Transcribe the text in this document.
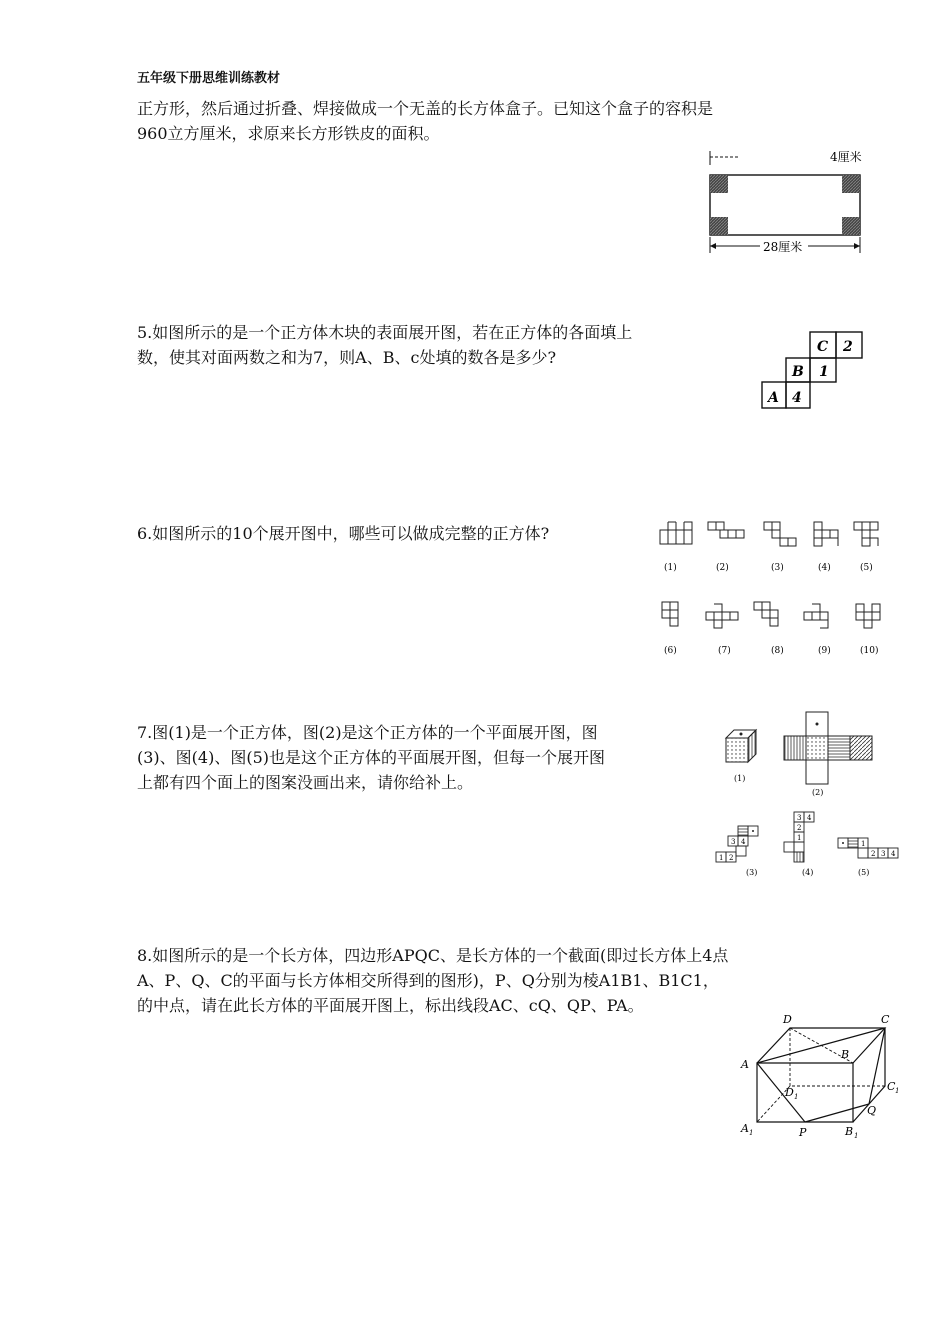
五年级下册思维训练教材
正方形，然后通过折叠、焊接做成一个无盖的长方体盒子。已知这个盒子的容积是
960立方厘米，求原来长方形铁皮的面积。
4厘米
28厘米
5.如图所示的是一个正方体木块的表面展开图，若在正方体的各面填上
数，使其对面两数之和为7，则A、B、c处填的数各是多少?
C 2
B 1
A 4
6.如图所示的10个展开图中，哪些可以做成完整的正方体?
(1)	(2)	(3)	(4)	(5)
(6)	(7)	(8)	(9)	(10)
7.图(1)是一个正方体，图(2)是这个正方体的一个平面展开图，图
(3)、图(4)、图(5)也是这个正方体的平面展开图，但每一个展开图
上都有四个面上的图案没画出来，请你给补上。	(1)
(2)
3 4
1 2
(3)
3 4
2
1
(4)
1
2 3 4
(5)
8.如图所示的是一个长方体，四边形APQC、是长方体的一个截面(即过长方体上4点
A、P、Q、C的平面与长方体相交所得到的图形)，P、Q分别为棱A1B1、B1C1，
的中点，请在此长方体的平面展开图上，标出线段AC、cQ、QP、PA。
D	C
A
B
D 1
C 1
Q
A 1	P	B 1
